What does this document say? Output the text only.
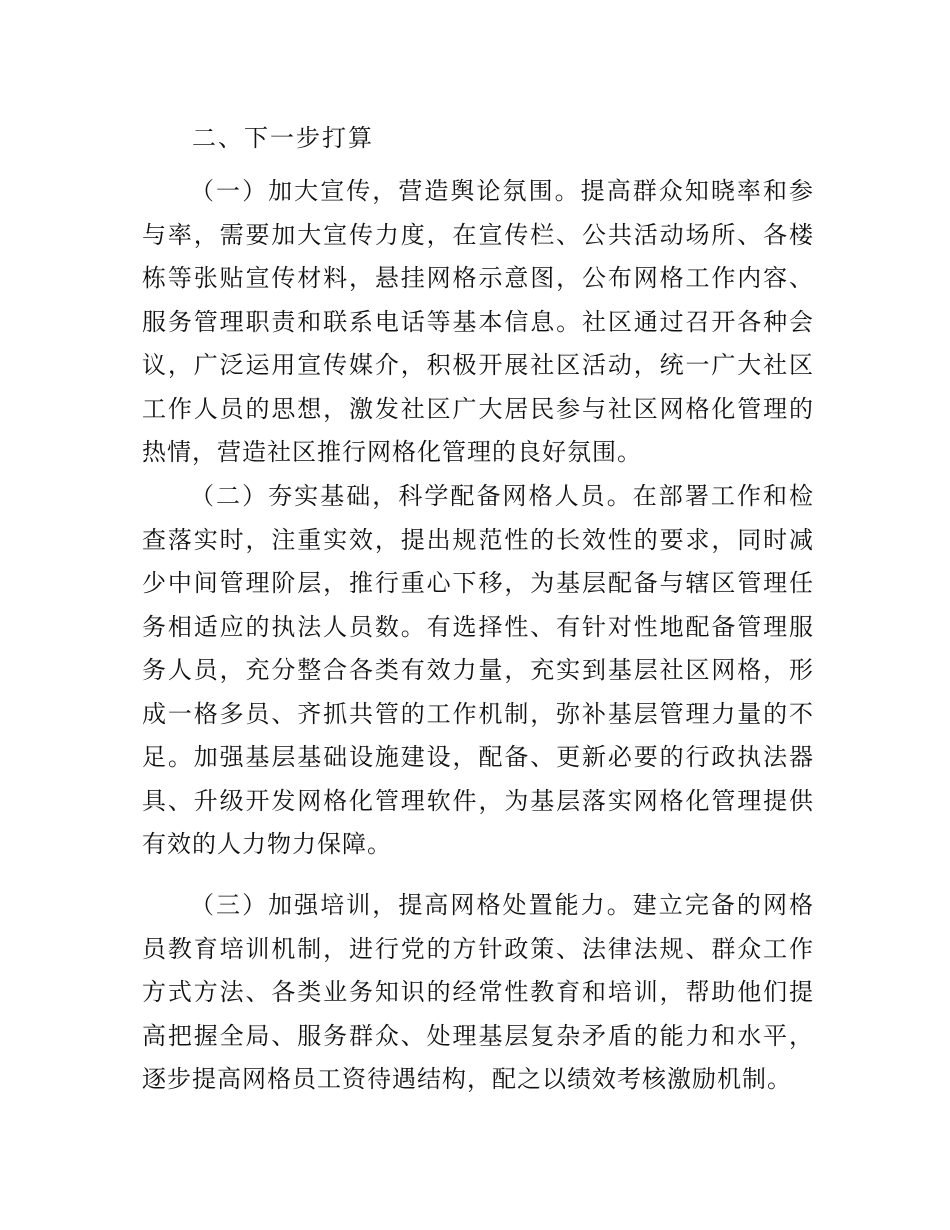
二、下一步打算

（一）加大宣传，营造舆论氛围。提高群众知晓率和参与率，需要加大宣传力度，在宣传栏、公共活动场所、各楼栋等张贴宣传材料，悬挂网格示意图，公布网格工作内容、服务管理职责和联系电话等基本信息。社区通过召开各种会议，广泛运用宣传媒介，积极开展社区活动，统一广大社区工作人员的思想，激发社区广大居民参与社区网格化管理的热情，营造社区推行网格化管理的良好氛围。

（二）夯实基础，科学配备网格人员。在部署工作和检查落实时，注重实效，提出规范性的长效性的要求，同时减少中间管理阶层，推行重心下移，为基层配备与辖区管理任务相适应的执法人员数。有选择性、有针对性地配备管理服务人员，充分整合各类有效力量，充实到基层社区网格，形成一格多员、齐抓共管的工作机制，弥补基层管理力量的不足。加强基层基础设施建设，配备、更新必要的行政执法器具、升级开发网格化管理软件，为基层落实网格化管理提供有效的人力物力保障。

（三）加强培训，提高网格处置能力。建立完备的网格员教育培训机制，进行党的方针政策、法律法规、群众工作方式方法、各类业务知识的经常性教育和培训，帮助他们提高把握全局、服务群众、处理基层复杂矛盾的能力和水平，逐步提高网格员工资待遇结构，配之以绩效考核激励机制。
